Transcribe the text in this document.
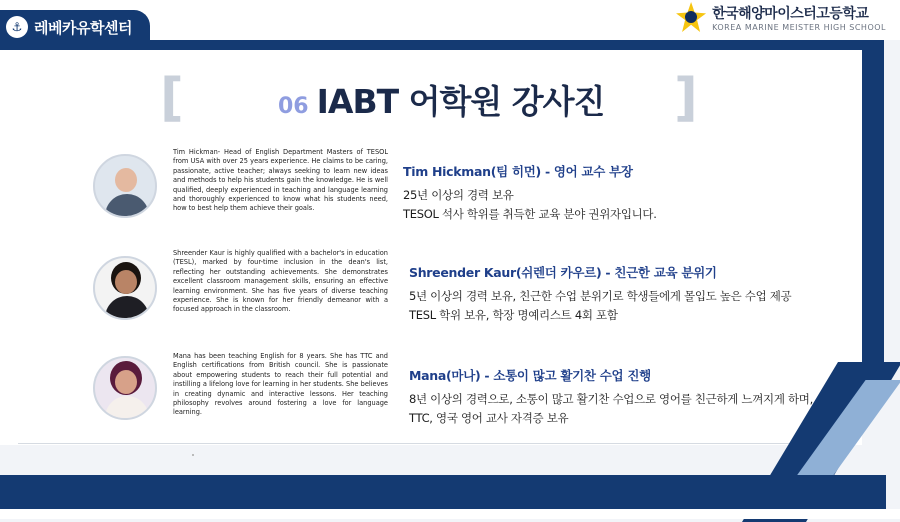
⚓ 레베카유학센터
한국해양마이스터고등학교
KOREA MARINE MEISTER HIGH SCHOOL
[	]
06 IABT 어학원 강사진
Tim Hickman- Head of English Department Masters of TESOL from USA with over 25 years experience. He claims to be caring, passionate, active teacher; always seeking to learn new ideas and methods to help his students gain the knowledge. He is well qualified, deeply experienced in teaching and language learning and thoroughly experienced to know what his students need, how to best help them achieve their goals.
Tim Hickman(팀 히먼) - 영어 교수 부장
25년 이상의 경력 보유
TESOL 석사 학위를 취득한 교육 분야 권위자입니다.
Shreender Kaur is highly qualified with a bachelor's in education (TESL), marked by four-time inclusion in the dean's list, reflecting her outstanding achievements. She demonstrates excellent classroom management skills, ensuring an effective learning environment. She has five years of diverse teaching experience. She is known for her friendly demeanor with a focused approach in the classroom.
Shreender Kaur(쉬렌더 카우르) - 친근한 교육 분위기
5년 이상의 경력 보유, 친근한 수업 분위기로 학생들에게 몰입도 높은 수업 제공
TESL 학위 보유, 학장 명예리스트 4회 포함
Mana has been teaching English for 8 years. She has TTC and English certifications from British council. She is passionate about empowering students to reach their full potential and instilling a lifelong love for learning in her students. She believes in creating dynamic and interactive lessons. Her teaching philosophy revolves around fostering a love for language learning.
Mana(마나) - 소통이 많고 활기찬 수업 진행
8년 이상의 경력으로, 소통이 많고 활기찬 수업으로 영어를 친근하게 느껴지게 하며,
TTC, 영국 영어 교사 자격증 보유
